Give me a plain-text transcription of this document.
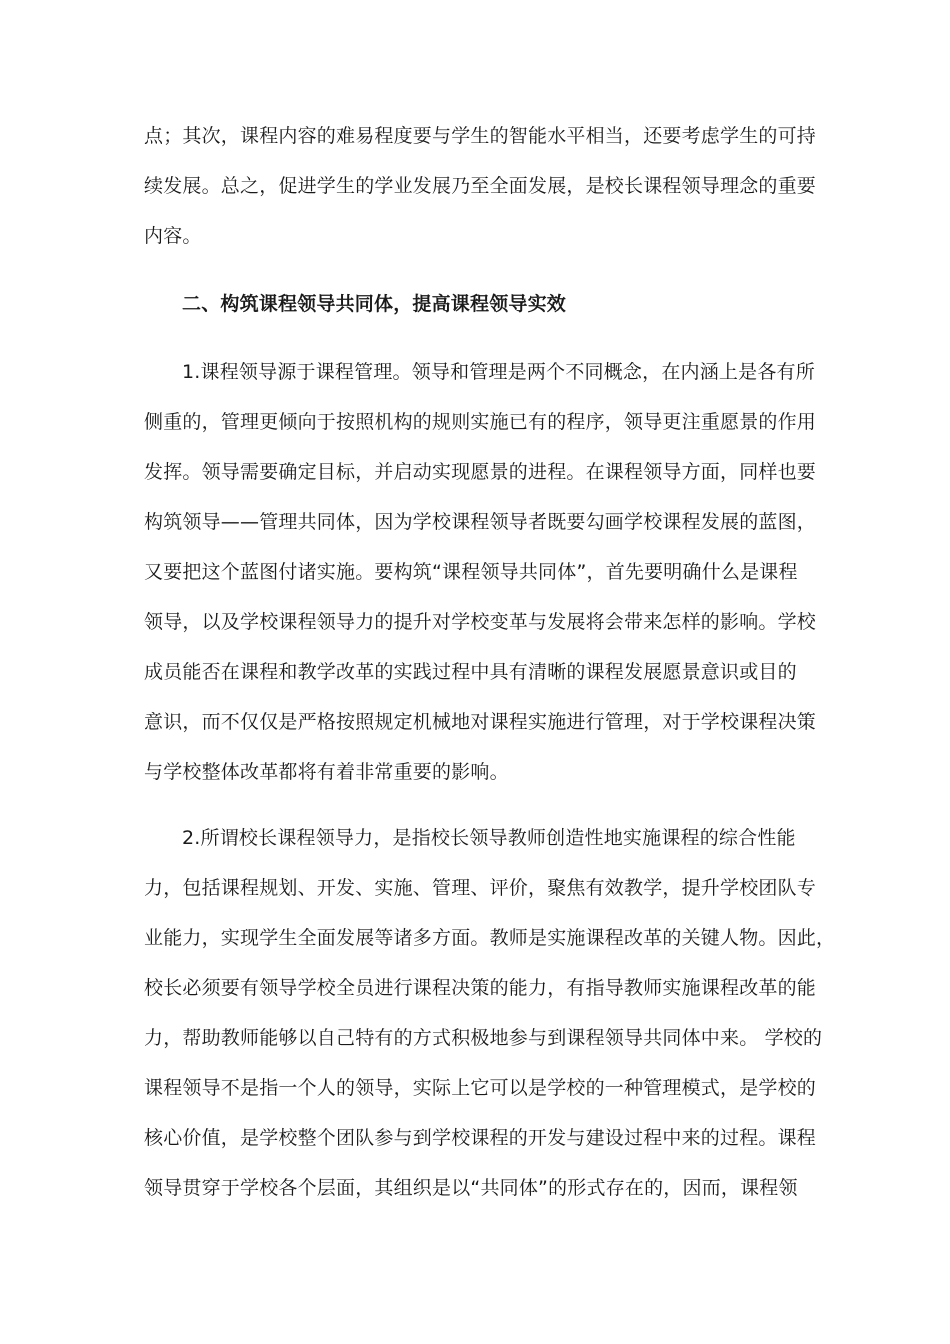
点；其次，课程内容的难易程度要与学生的智能水平相当，还要考虑学生的可持
续发展。总之，促进学生的学业发展乃至全面发展，是校长课程领导理念的重要
内容。
二、构筑课程领导共同体，提高课程领导实效
1.课程领导源于课程管理。领导和管理是两个不同概念，在内涵上是各有所
侧重的，管理更倾向于按照机构的规则实施已有的程序，领导更注重愿景的作用
发挥。领导需要确定目标，并启动实现愿景的进程。在课程领导方面，同样也要
构筑领导——管理共同体，因为学校课程领导者既要勾画学校课程发展的蓝图，
又要把这个蓝图付诸实施。要构筑“课程领导共同体”，首先要明确什么是课程
领导，以及学校课程领导力的提升对学校变革与发展将会带来怎样的影响。学校
成员能否在课程和教学改革的实践过程中具有清晰的课程发展愿景意识或目的
意识，而不仅仅是严格按照规定机械地对课程实施进行管理，对于学校课程决策
与学校整体改革都将有着非常重要的影响。
2.所谓校长课程领导力，是指校长领导教师创造性地实施课程的综合性能
力，包括课程规划、开发、实施、管理、评价，聚焦有效教学，提升学校团队专
业能力，实现学生全面发展等诸多方面。教师是实施课程改革的关键人物。因此，
校长必须要有领导学校全员进行课程决策的能力，有指导教师实施课程改革的能
力，帮助教师能够以自己特有的方式积极地参与到课程领导共同体中来。 学校的
课程领导不是指一个人的领导，实际上它可以是学校的一种管理模式，是学校的
核心价值，是学校整个团队参与到学校课程的开发与建设过程中来的过程。课程
领导贯穿于学校各个层面，其组织是以“共同体”的形式存在的，因而，课程领
